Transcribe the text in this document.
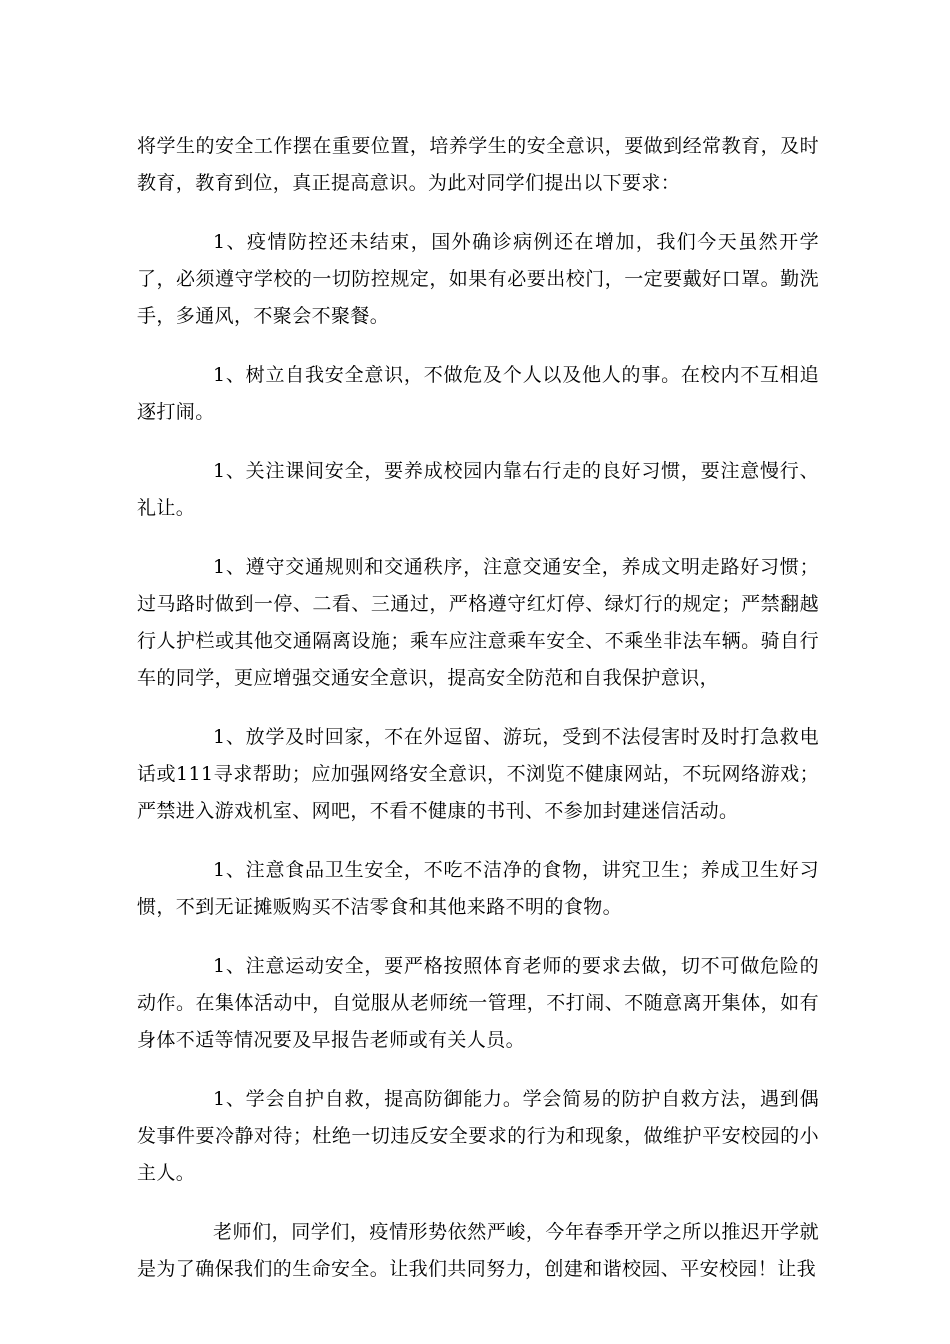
将学生的安全工作摆在重要位置，培养学生的安全意识，要做到经常教育，及时教育，教育到位，真正提高意识。为此对同学们提出以下要求：

1、疫情防控还未结束，国外确诊病例还在增加，我们今天虽然开学了，必须遵守学校的一切防控规定，如果有必要出校门，一定要戴好口罩。勤洗手，多通风，不聚会不聚餐。

1、树立自我安全意识，不做危及个人以及他人的事。在校内不互相追逐打闹。

1、关注课间安全，要养成校园内靠右行走的良好习惯，要注意慢行、礼让。

1、遵守交通规则和交通秩序，注意交通安全，养成文明走路好习惯；过马路时做到一停、二看、三通过，严格遵守红灯停、绿灯行的规定；严禁翻越行人护栏或其他交通隔离设施；乘车应注意乘车安全、不乘坐非法车辆。骑自行车的同学，更应增强交通安全意识，提高安全防范和自我保护意识，

1、放学及时回家，不在外逗留、游玩，受到不法侵害时及时打急救电话或111寻求帮助；应加强网络安全意识，不浏览不健康网站，不玩网络游戏；严禁进入游戏机室、网吧，不看不健康的书刊、不参加封建迷信活动。

1、注意食品卫生安全，不吃不洁净的食物，讲究卫生；养成卫生好习惯，不到无证摊贩购买不洁零食和其他来路不明的食物。

1、注意运动安全，要严格按照体育老师的要求去做，切不可做危险的动作。在集体活动中，自觉服从老师统一管理，不打闹、不随意离开集体，如有身体不适等情况要及早报告老师或有关人员。

1、学会自护自救，提高防御能力。学会简易的防护自救方法，遇到偶发事件要冷静对待；杜绝一切违反安全要求的行为和现象，做维护平安校园的小主人。

老师们，同学们，疫情形势依然严峻，今年春季开学之所以推迟开学就是为了确保我们的生命安全。让我们共同努力，创建和谐校园、平安校园！让我
